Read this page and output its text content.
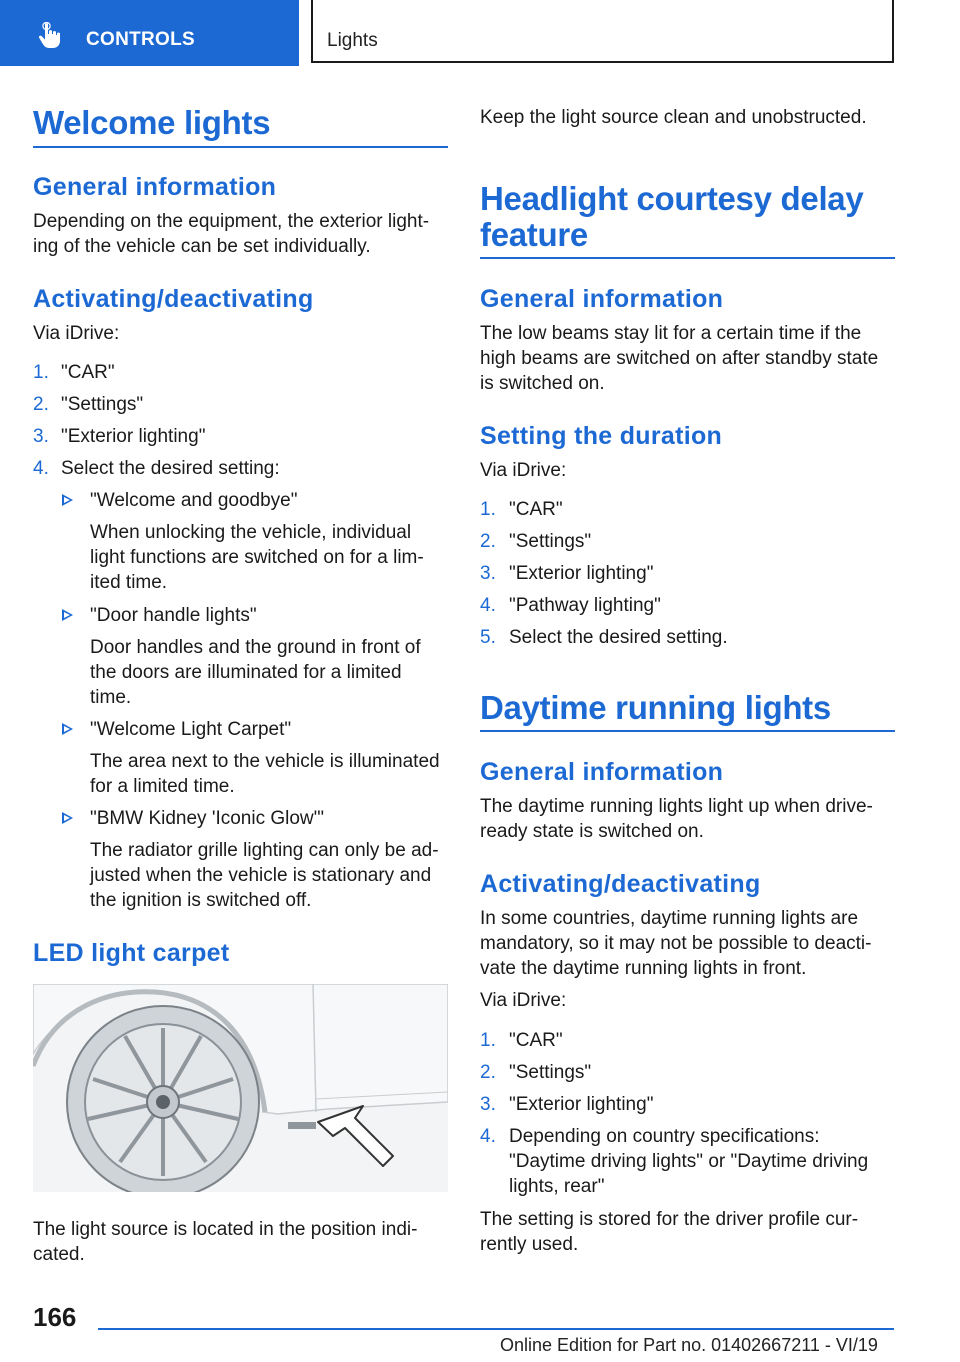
CONTROLS	Lights
Welcome lights
General information
Depending on the equipment, the exterior light-ing of the vehicle can be set individually.
Activating/deactivating
Via iDrive:
1. "CAR"
2. "Settings"
3. "Exterior lighting"
4. Select the desired setting:
"Welcome and goodbye"
When unlocking the vehicle, individual light functions are switched on for a lim-ited time.
"Door handle lights"
Door handles and the ground in front of the doors are illuminated for a limited time.
"Welcome Light Carpet"
The area next to the vehicle is illuminated for a limited time.
"BMW Kidney 'Iconic Glow'"
The radiator grille lighting can only be ad-justed when the vehicle is stationary and the ignition is switched off.
LED light carpet
The light source is located in the position indi-cated.
Keep the light source clean and unobstructed.
Headlight courtesy delay feature
General information
The low beams stay lit for a certain time if the high beams are switched on after standby state is switched on.
Setting the duration
Via iDrive:
1. "CAR"
2. "Settings"
3. "Exterior lighting"
4. "Pathway lighting"
5. Select the desired setting.
Daytime running lights
General information
The daytime running lights light up when drive-ready state is switched on.
Activating/deactivating
In some countries, daytime running lights are mandatory, so it may not be possible to deacti-vate the daytime running lights in front.
Via iDrive:
1. "CAR"
2. "Settings"
3. "Exterior lighting"
4. Depending on country specifications: "Daytime driving lights" or "Daytime driving lights, rear"
The setting is stored for the driver profile cur-rently used.
166
Online Edition for Part no. 01402667211 - VI/19
